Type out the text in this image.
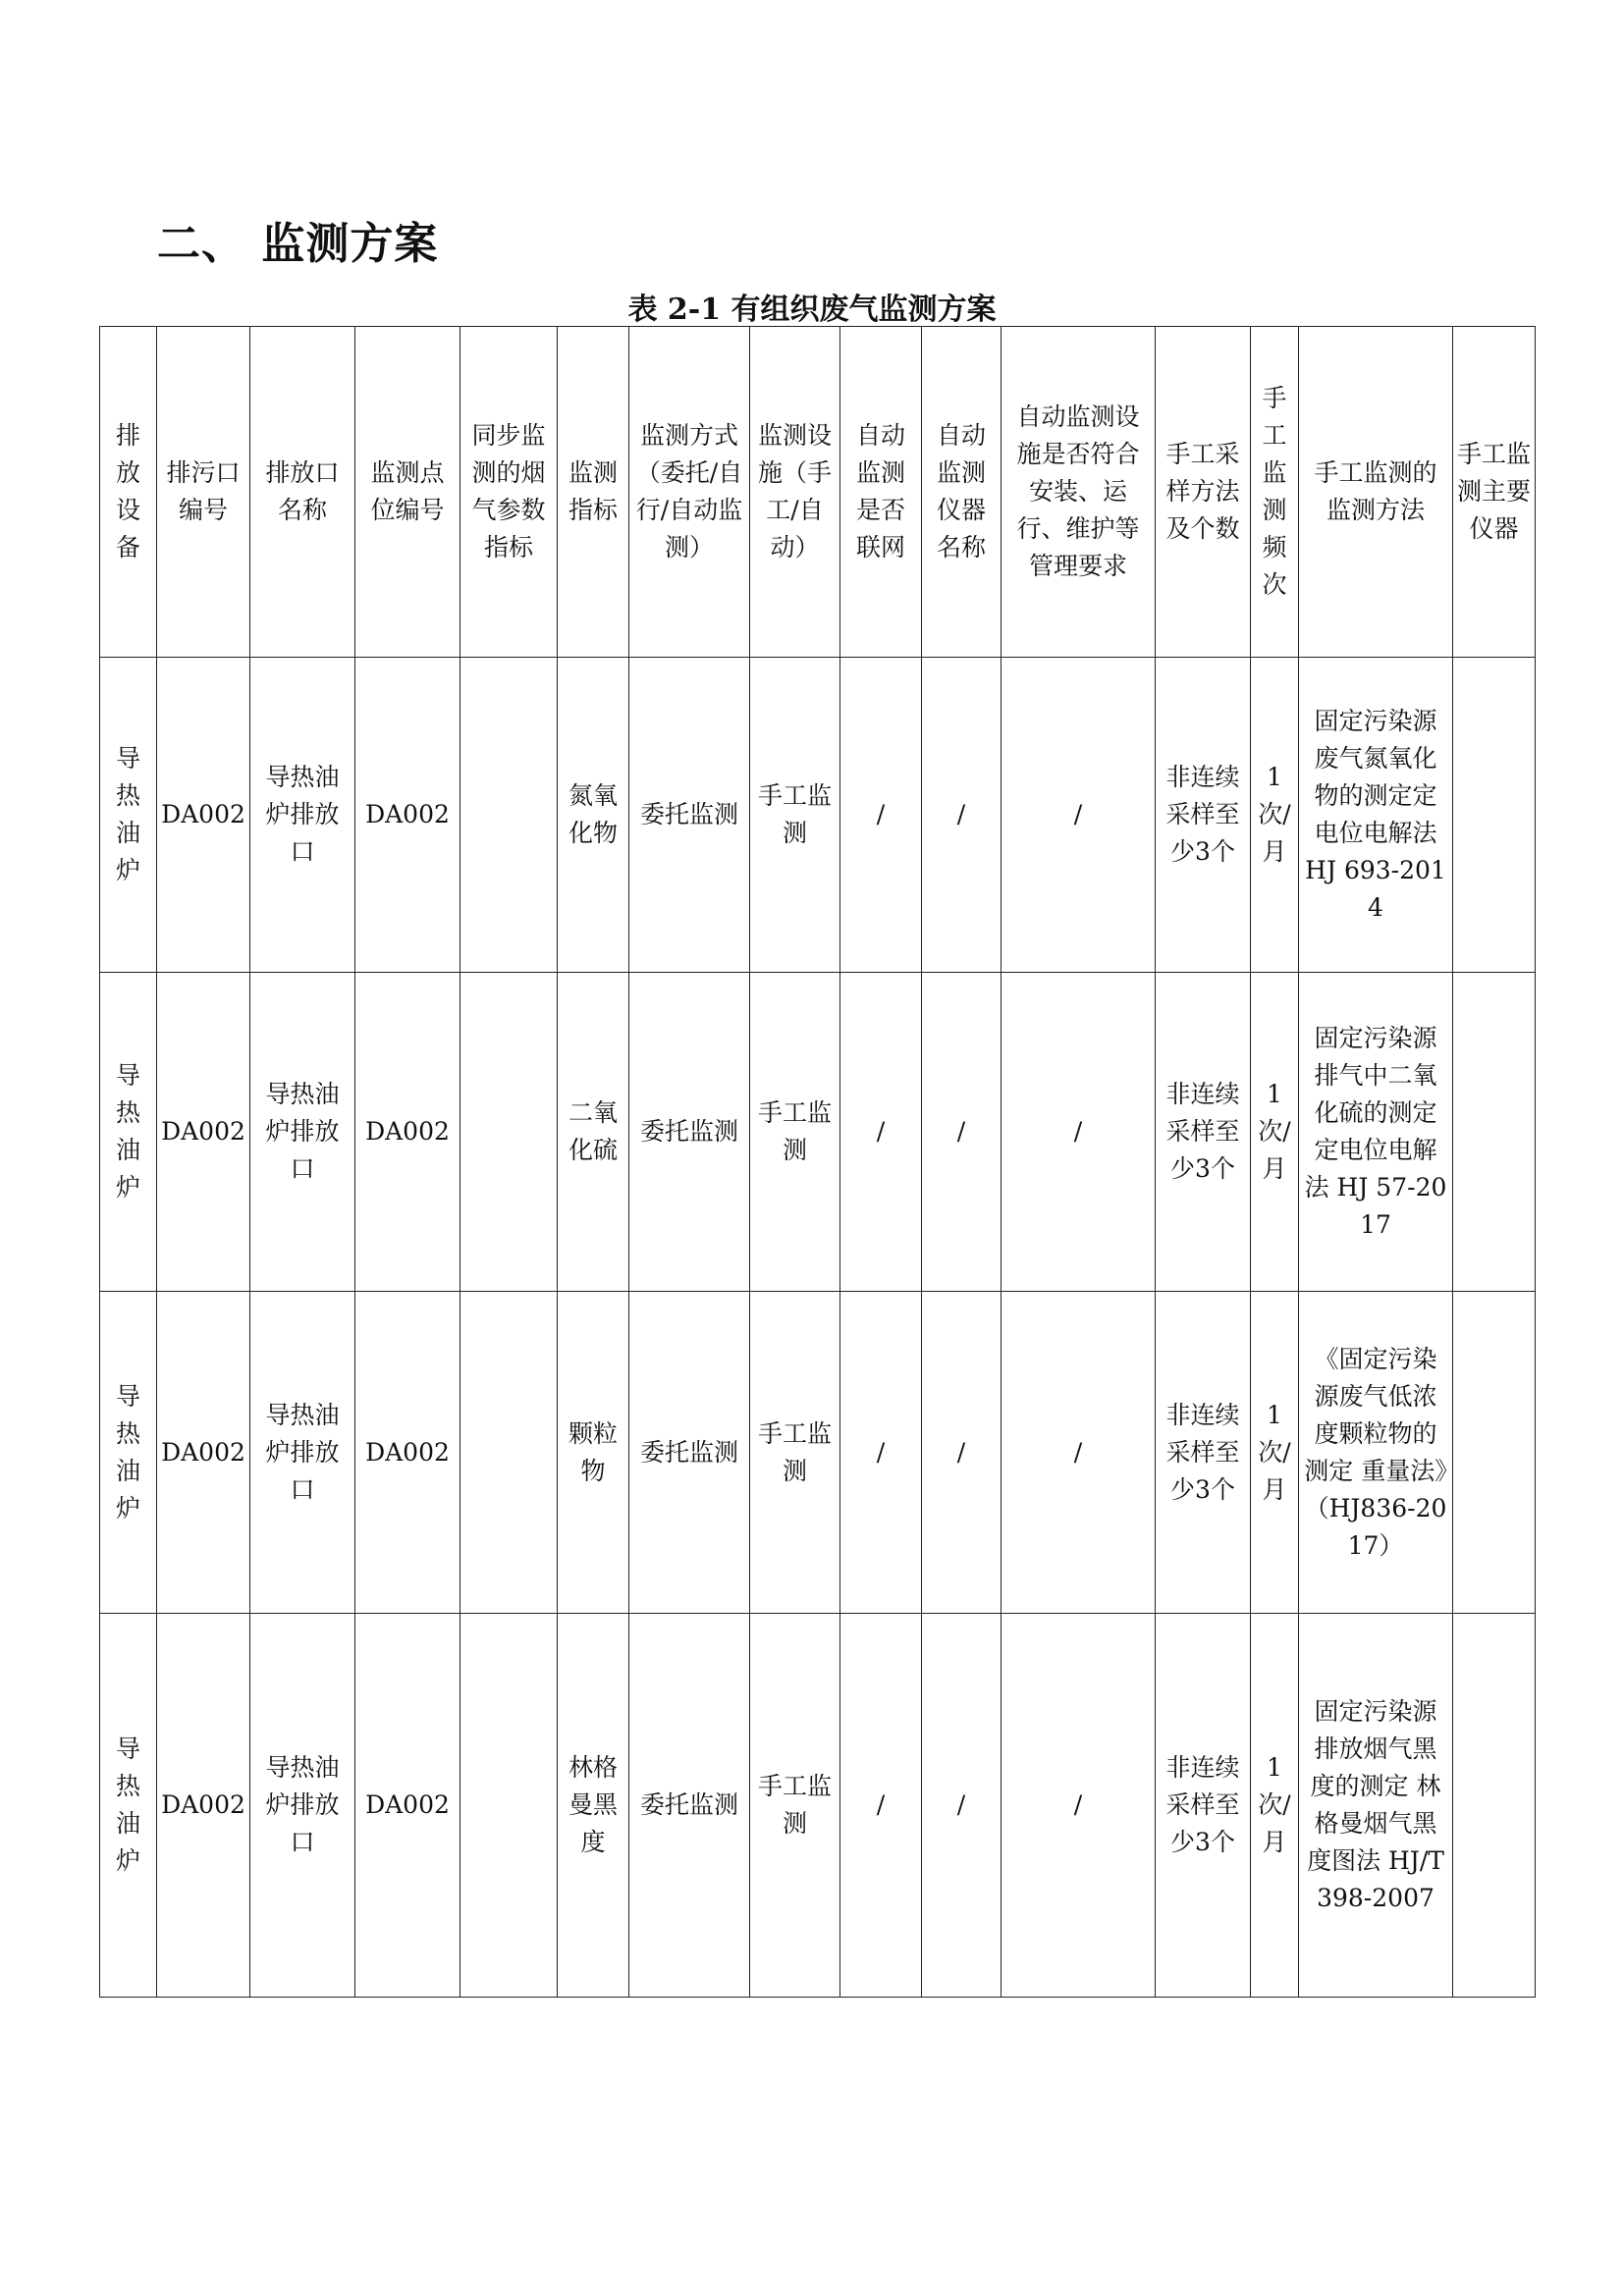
二、 监测方案
表 2-1 有组织废气监测方案
排放设备	排污口编号	排放口名称	监测点位编号	同步监测的烟气参数指标	监测指标	监测方式（委托/自行/自动监测）	监测设施（手工/自动）	自动监测是否联网	自动监测仪器名称	自动监测设施是否符合安装、运行、维护等管理要求	手工采样方法及个数	手工监测频次	手工监测的监测方法	手工监测主要仪器
导热油炉	DA002	导热油炉排放口	DA002		氮氧化物	委托监测	手工监测	/	/	/	非连续采样至少3个	1次/月	固定污染源废气氮氧化物的测定定电位电解法 HJ 693-2014	
导热油炉	DA002	导热油炉排放口	DA002		二氧化硫	委托监测	手工监测	/	/	/	非连续采样至少3个	1次/月	固定污染源排气中二氧化硫的测定定电位电解法 HJ 57-2017	
导热油炉	DA002	导热油炉排放口	DA002		颗粒物	委托监测	手工监测	/	/	/	非连续采样至少3个	1次/月	《固定污染源废气低浓度颗粒物的测定 重量法》（HJ836-2017）	
导热油炉	DA002	导热油炉排放口	DA002		林格曼黑度	委托监测	手工监测	/	/	/	非连续采样至少3个	1次/月	固定污染源排放烟气黑度的测定 林格曼烟气黑度图法 HJ/T 398-2007	
